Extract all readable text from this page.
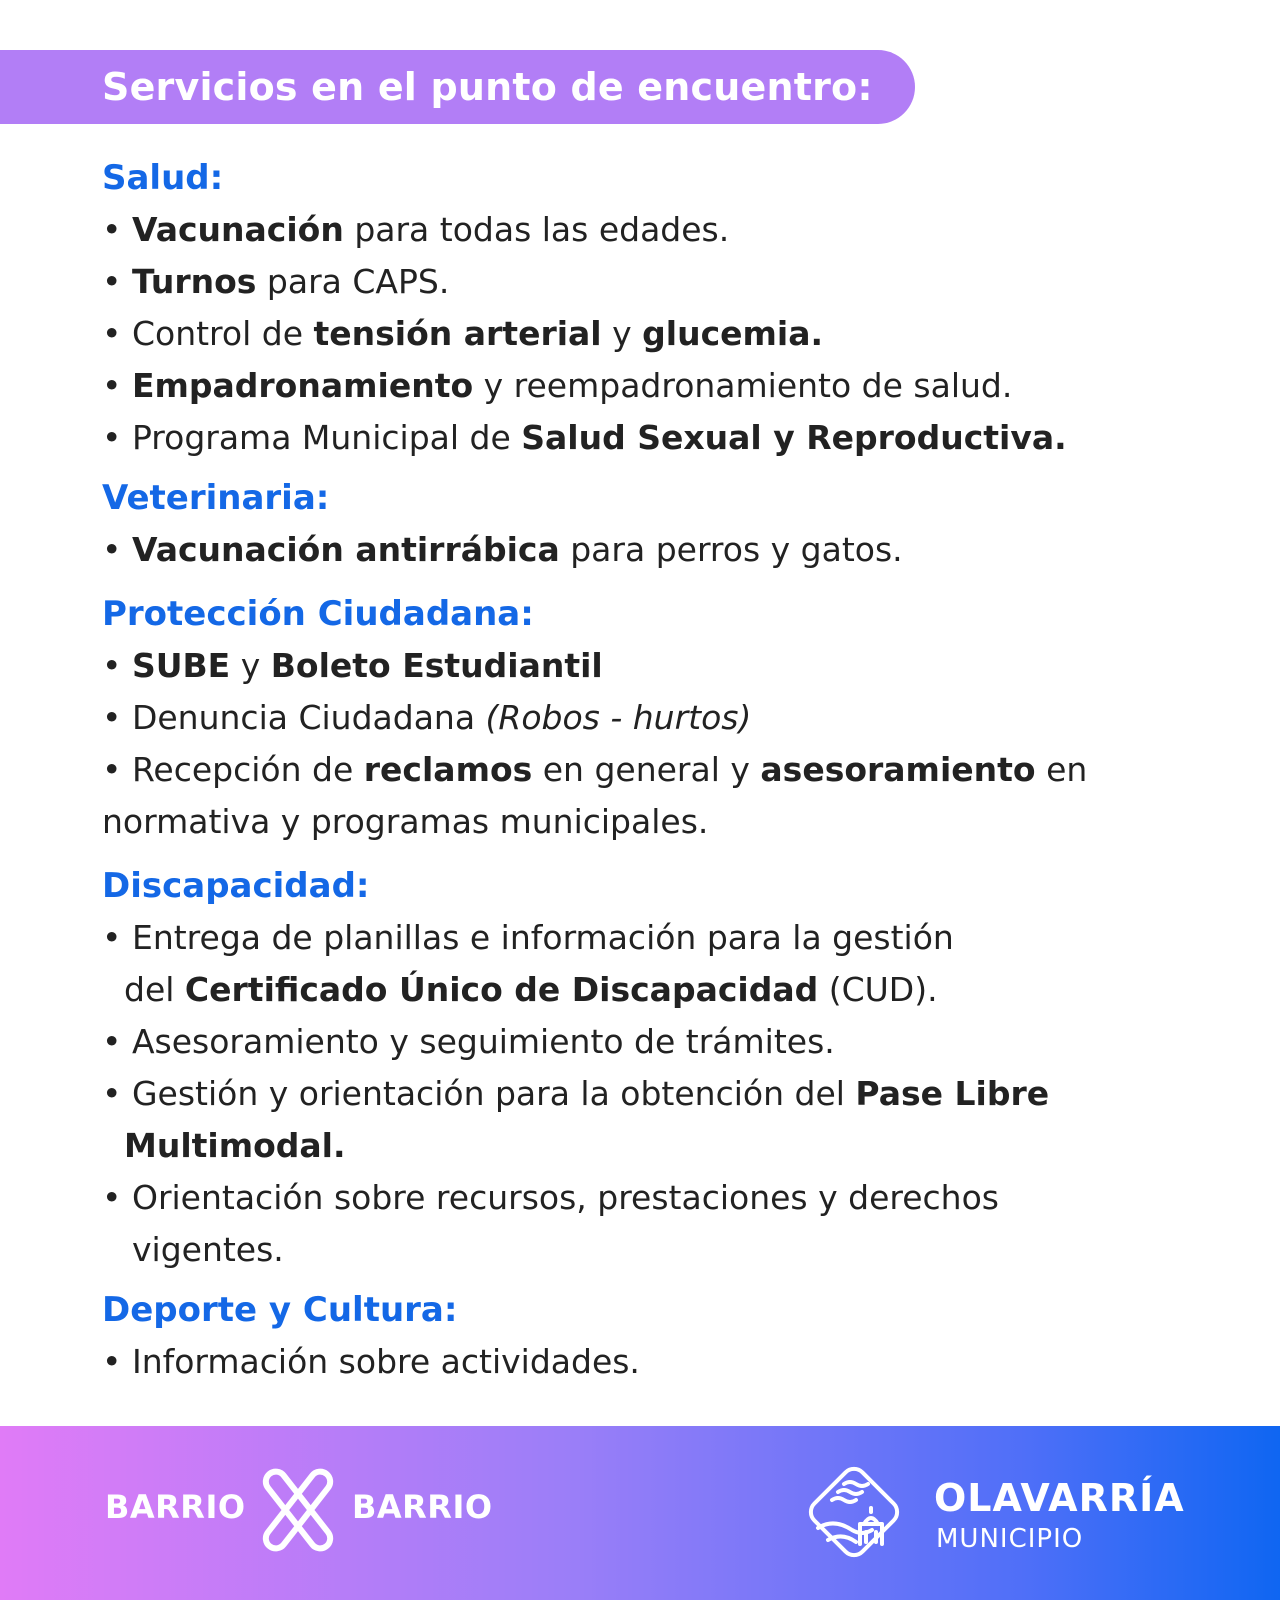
Servicios en el punto de encuentro:
Salud:
• Vacunación para todas las edades.
• Turnos para CAPS.
• Control de tensión arterial y glucemia.
• Empadronamiento y reempadronamiento de salud.
• Programa Municipal de Salud Sexual y Reproductiva.
Veterinaria:
• Vacunación antirrábica para perros y gatos.
Protección Ciudadana:
• SUBE y Boleto Estudiantil
• Denuncia Ciudadana (Robos - hurtos)
• Recepción de reclamos en general y asesoramiento en
normativa y programas municipales.
Discapacidad:
• Entrega de planillas e información para la gestión
del Certificado Único de Discapacidad (CUD).
• Asesoramiento y seguimiento de trámites.
• Gestión y orientación para la obtención del Pase Libre
Multimodal.
• Orientación sobre recursos, prestaciones y derechos
vigentes.
Deporte y Cultura:
• Información sobre actividades.
BARRIO	BARRIO	OLAVARRÍA
MUNICIPIO
